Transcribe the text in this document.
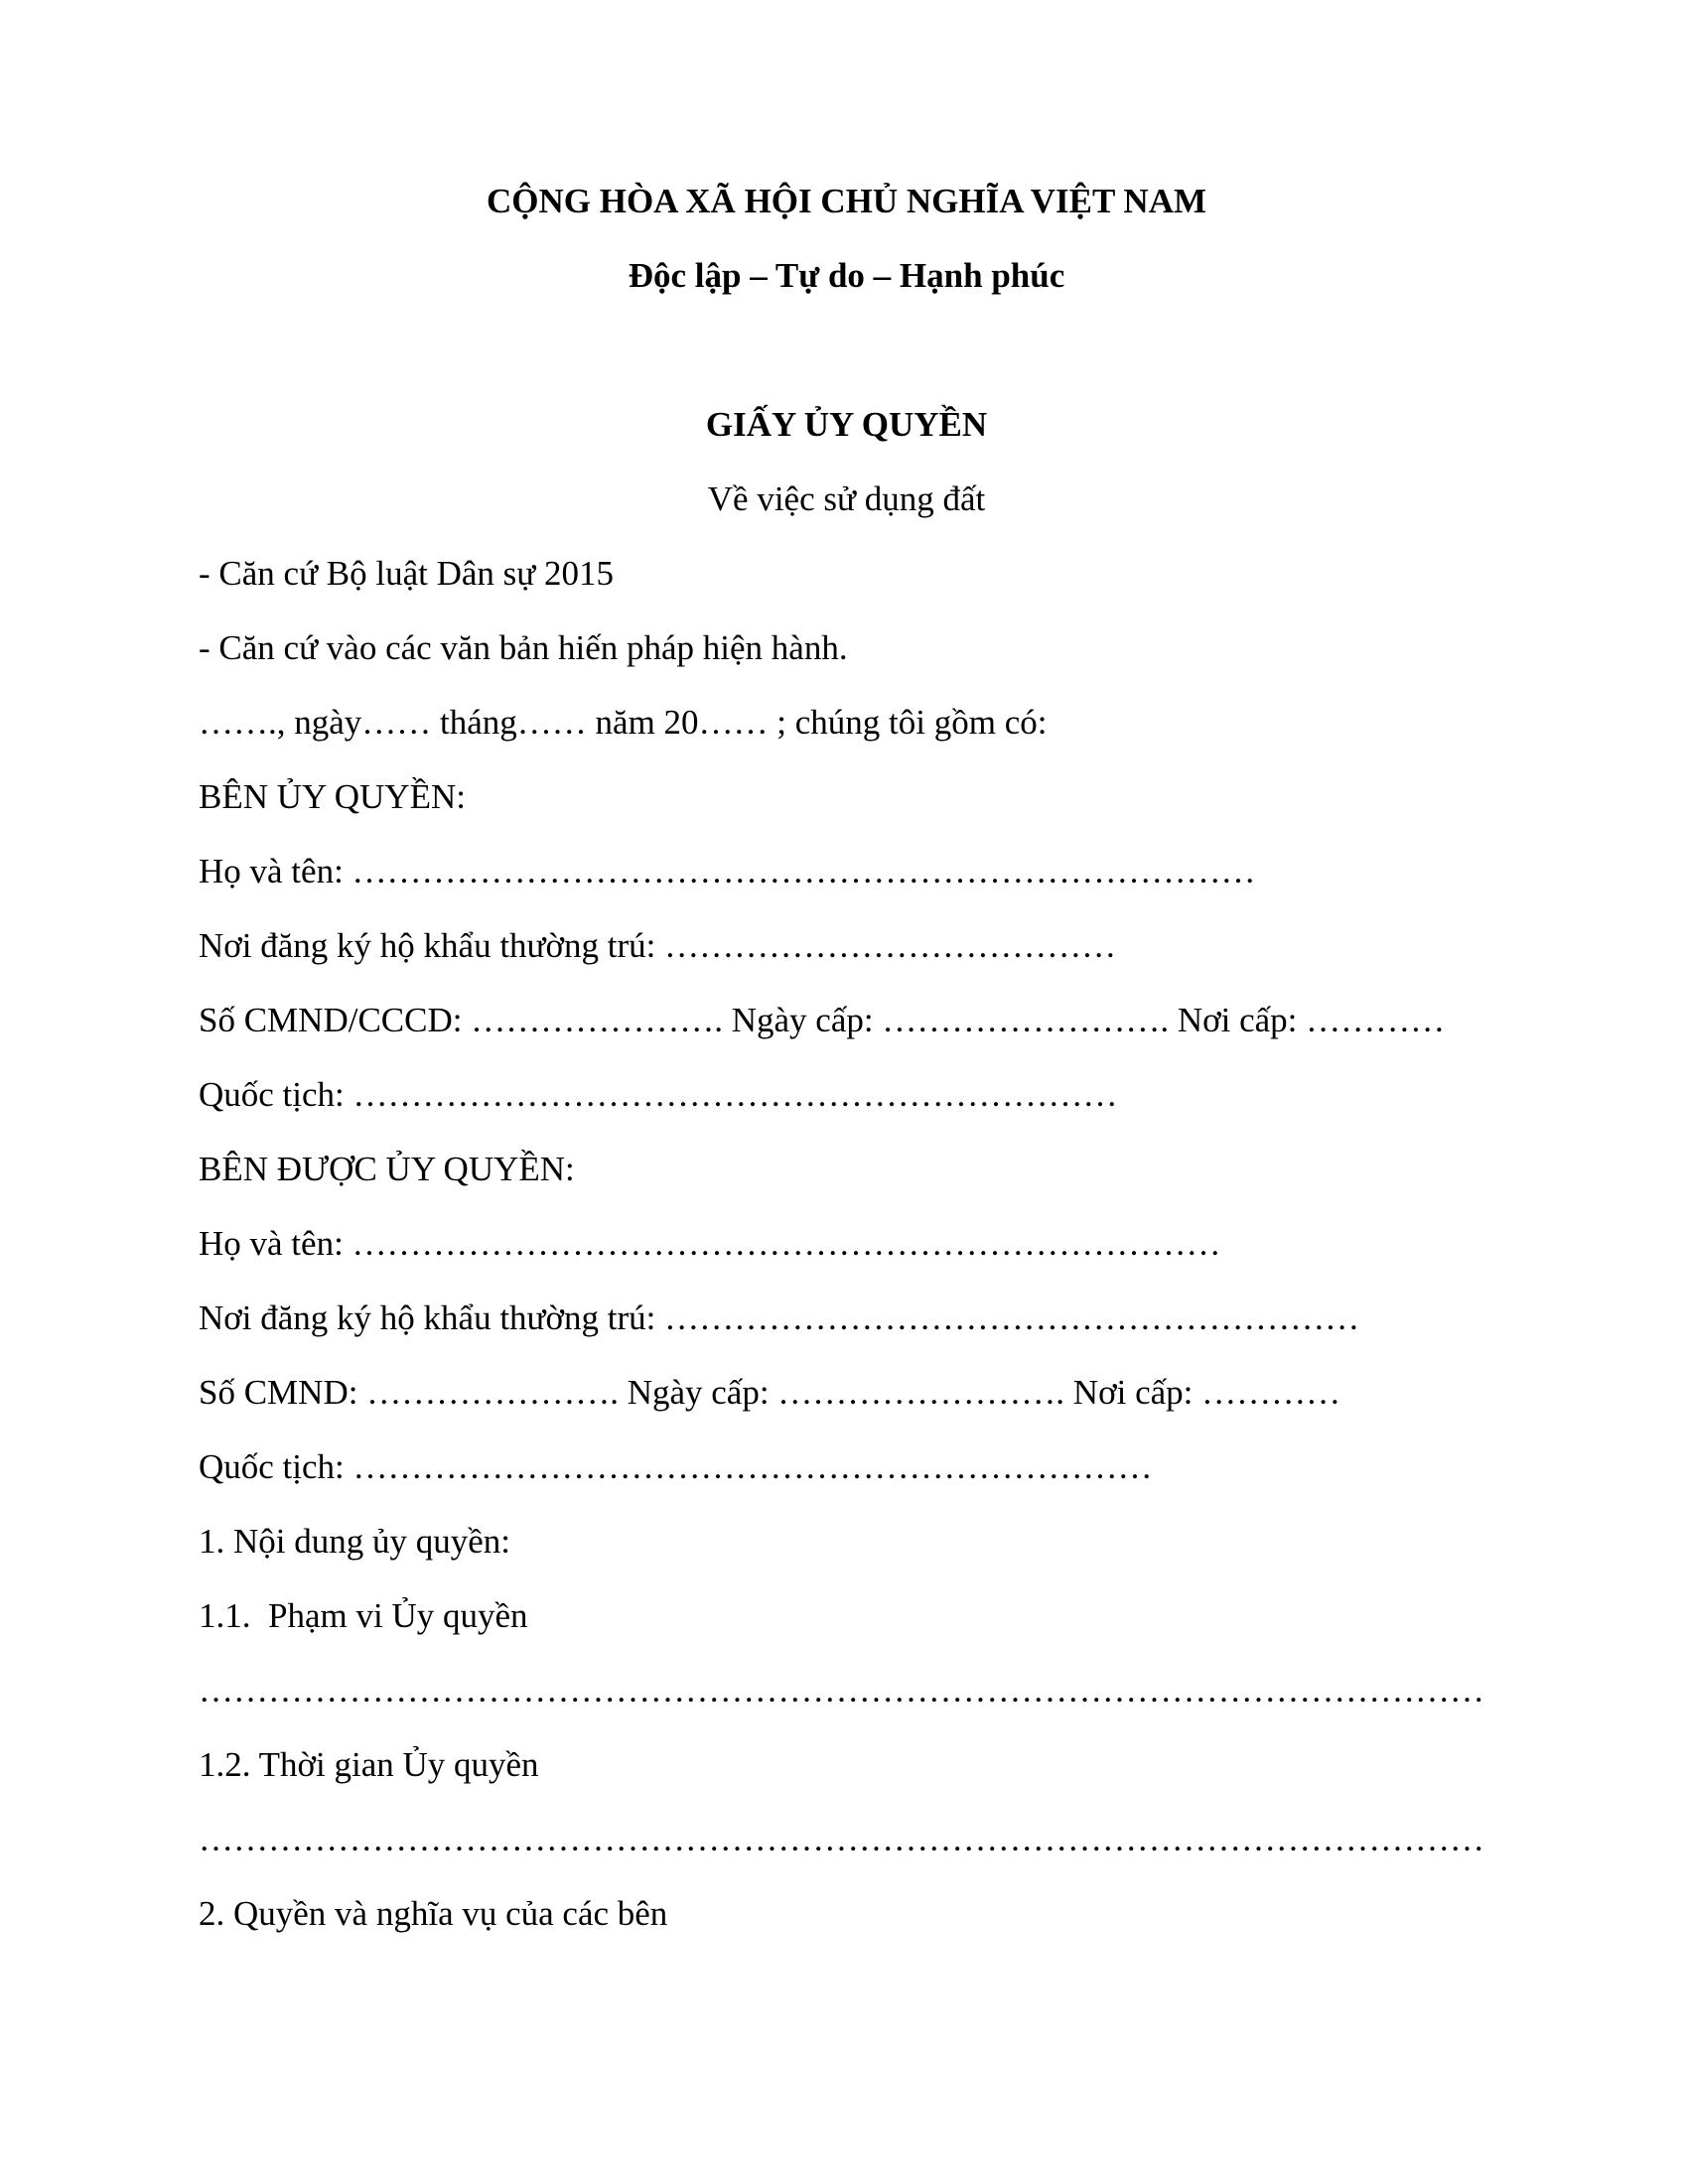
CỘNG HÒA XÃ HỘI CHỦ NGHĨA VIỆT NAM

Độc lập – Tự do – Hạnh phúc

GIẤY ỦY QUYỀN

Về việc sử dụng đất

- Căn cứ Bộ luật Dân sự 2015

- Căn cứ vào các văn bản hiến pháp hiện hành.

……., ngày…… tháng…… năm 20…… ; chúng tôi gồm có:

BÊN ỦY QUYỀN:

Họ và tên: ……………………………………………………………………

Nơi đăng ký hộ khẩu thường trú: …………………………………

Số CMND/CCCD: …………………. Ngày cấp: ……………………. Nơi cấp: …………

Quốc tịch: …………………………………………………………

BÊN ĐƯỢC ỦY QUYỀN:

Họ và tên: …………………………………………………………………

Nơi đăng ký hộ khẩu thường trú: ……………………………………………………

Số CMND: …………………. Ngày cấp: ……………………. Nơi cấp: …………

Quốc tịch: ……………………………………………………………

1. Nội dung ủy quyền:

1.1.  Phạm vi Ủy quyền

…………………………………………………………………………………………………

1.2. Thời gian Ủy quyền

…………………………………………………………………………………………………

2. Quyền và nghĩa vụ của các bên
